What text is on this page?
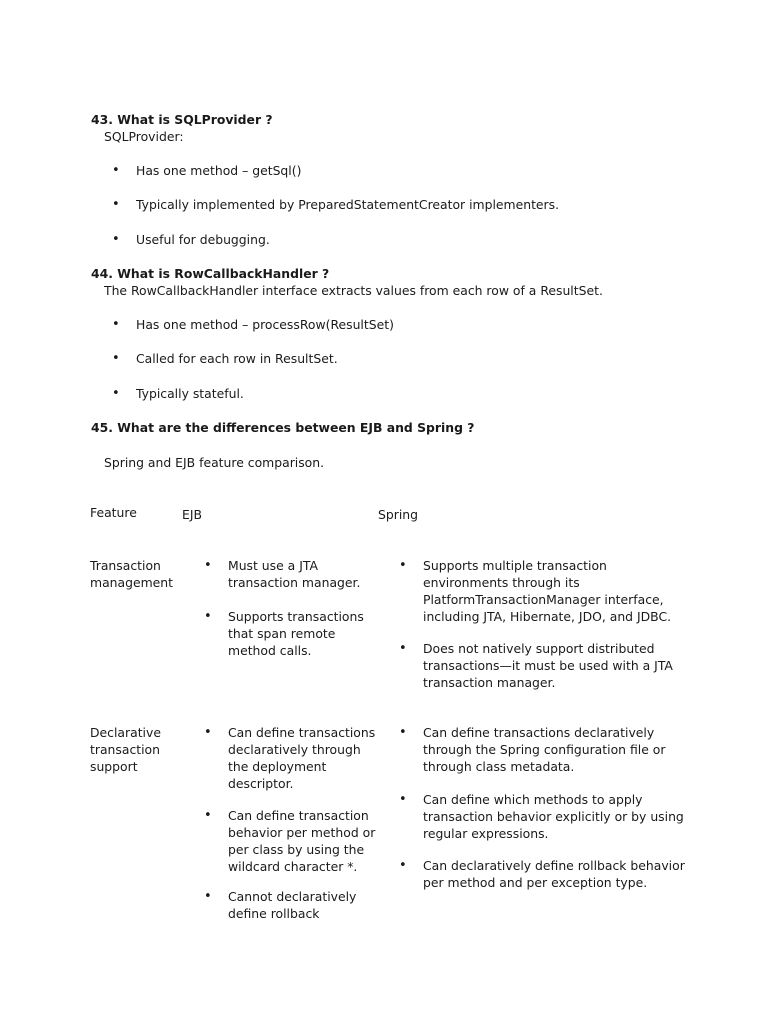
43. What is SQLProvider ?
SQLProvider:
• Has one method – getSql()
• Typically implemented by PreparedStatementCreator implementers.
• Useful for debugging.
44. What is RowCallbackHandler ?
The RowCallbackHandler interface extracts values from each row of a ResultSet.
• Has one method – processRow(ResultSet)
• Called for each row in ResultSet.
• Typically stateful.
45. What are the differences between EJB and Spring ?
Spring and EJB feature comparison.
Feature	EJB	Spring
Transaction
management
• Must use a JTA
transaction manager.
• Supports transactions
that span remote
method calls.
• Supports multiple transaction
environments through its
PlatformTransactionManager interface,
including JTA, Hibernate, JDO, and JDBC.
• Does not natively support distributed
transactions—it must be used with a JTA
transaction manager.
Declarative
transaction
support
• Can define transactions
declaratively through
the deployment
descriptor.
• Can define transaction
behavior per method or
per class by using the
wildcard character *.
• Cannot declaratively
define rollback
• Can define transactions declaratively
through the Spring configuration file or
through class metadata.
• Can define which methods to apply
transaction behavior explicitly or by using
regular expressions.
• Can declaratively define rollback behavior
per method and per exception type.
